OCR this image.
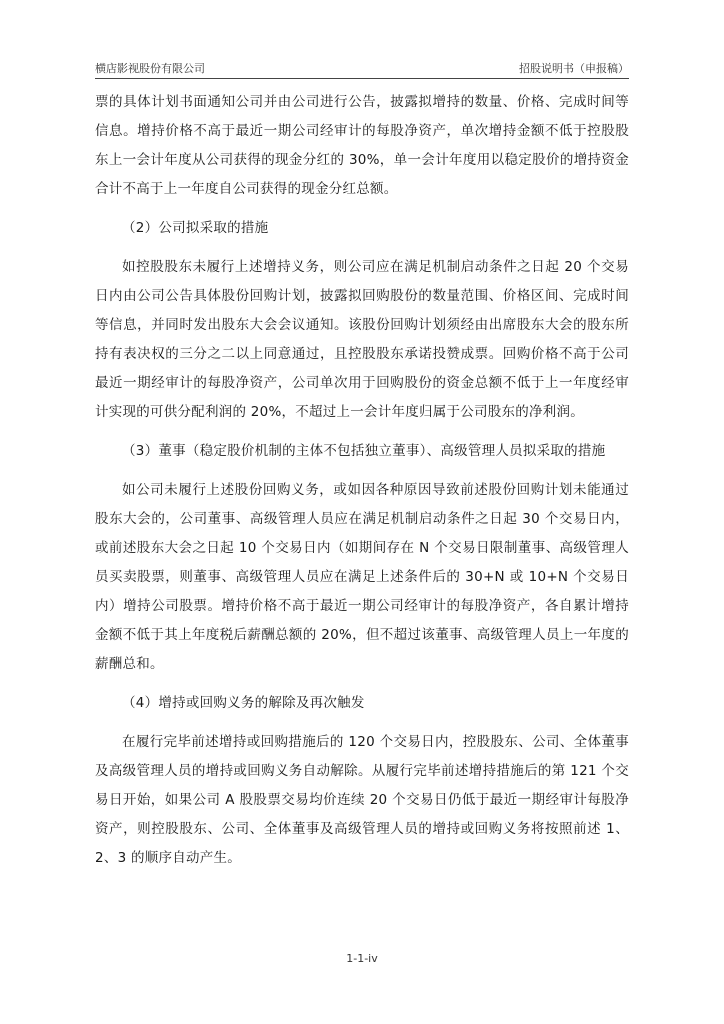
横店影视股份有限公司	招股说明书（申报稿）

票的具体计划书面通知公司并由公司进行公告，披露拟增持的数量、价格、完成时间等信息。增持价格不高于最近一期公司经审计的每股净资产，单次增持金额不低于控股股东上一会计年度从公司获得的现金分红的 30%，单一会计年度用以稳定股价的增持资金合计不高于上一年度自公司获得的现金分红总额。

（2）公司拟采取的措施

如控股股东未履行上述增持义务，则公司应在满足机制启动条件之日起 20 个交易日内由公司公告具体股份回购计划，披露拟回购股份的数量范围、价格区间、完成时间等信息，并同时发出股东大会会议通知。该股份回购计划须经由出席股东大会的股东所持有表决权的三分之二以上同意通过，且控股股东承诺投赞成票。回购价格不高于公司最近一期经审计的每股净资产，公司单次用于回购股份的资金总额不低于上一年度经审计实现的可供分配利润的 20%，不超过上一会计年度归属于公司股东的净利润。

（3）董事（稳定股价机制的主体不包括独立董事）、高级管理人员拟采取的措施

如公司未履行上述股份回购义务，或如因各种原因导致前述股份回购计划未能通过股东大会的，公司董事、高级管理人员应在满足机制启动条件之日起 30 个交易日内，或前述股东大会之日起 10 个交易日内（如期间存在 N 个交易日限制董事、高级管理人员买卖股票，则董事、高级管理人员应在满足上述条件后的 30+N 或 10+N 个交易日内）增持公司股票。增持价格不高于最近一期公司经审计的每股净资产，各自累计增持金额不低于其上年度税后薪酬总额的 20%，但不超过该董事、高级管理人员上一年度的薪酬总和。

（4）增持或回购义务的解除及再次触发

在履行完毕前述增持或回购措施后的 120 个交易日内，控股股东、公司、全体董事及高级管理人员的增持或回购义务自动解除。从履行完毕前述增持措施后的第 121 个交易日开始，如果公司 A 股股票交易均价连续 20 个交易日仍低于最近一期经审计每股净资产，则控股股东、公司、全体董事及高级管理人员的增持或回购义务将按照前述 1、2、3 的顺序自动产生。

1-1-iv
